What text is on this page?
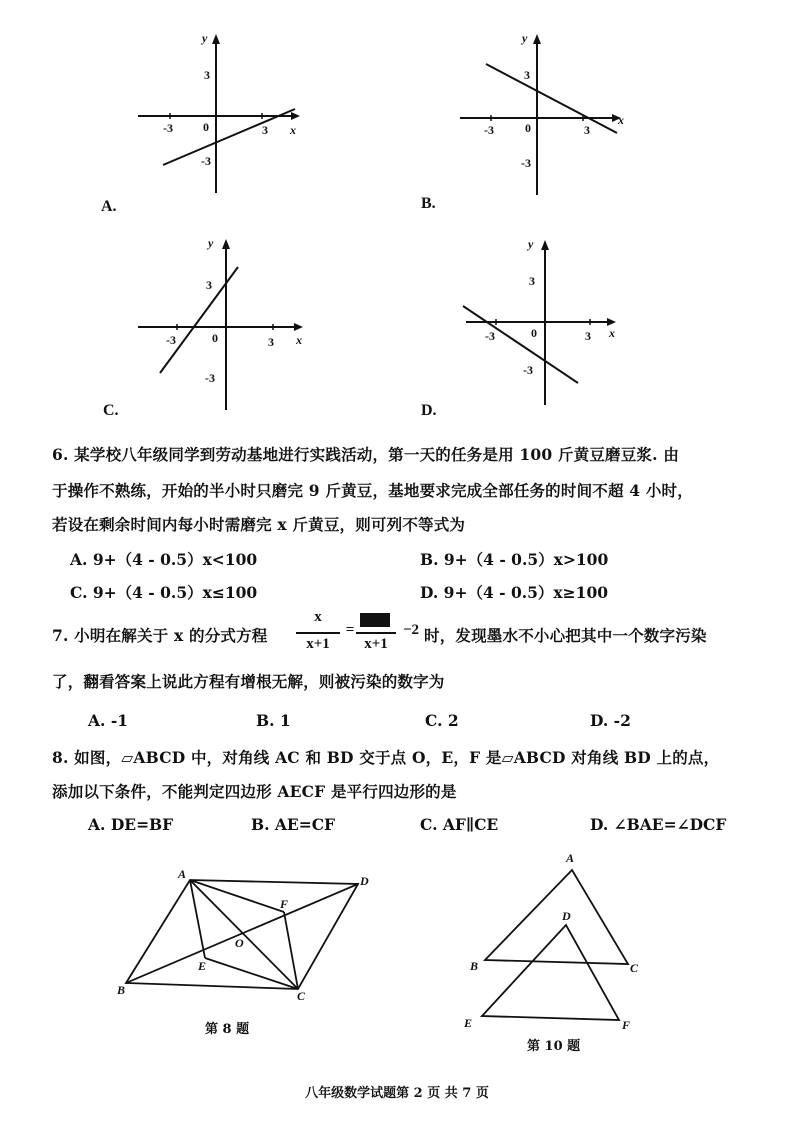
y
x
3
-3
-3	0	3
A.
y
x
3
-3
-3	0	3
B.
y
x
3
-3
-3	0	3
C.
y
x
3
-3
-3	0	3
D.
6. 某学校八年级同学到劳动基地进行实践活动，第一天的任务是用 100 斤黄豆磨豆浆. 由
于操作不熟练，开始的半小时只磨完 9 斤黄豆，基地要求完成全部任务的时间不超 4 小时，
若设在剩余时间内每小时需磨完 x 斤黄豆，则可列不等式为
A. 9+（4 - 0.5）x<100	B. 9+（4 - 0.5）x>100
C. 9+（4 - 0.5）x≤100	D. 9+（4 - 0.5）x≥100
7. 小明在解关于 x 的分式方程
x
x+1
=
x+1
−2 时，发现墨水不小心把其中一个数字污染
了，翻看答案上说此方程有增根无解，则被污染的数字为
A. -1	B. 1	C. 2	D. -2
8. 如图，▱ABCD 中，对角线 AC 和 BD 交于点 O，E，F 是▱ABCD 对角线 BD 上的点，
添加以下条件，不能判定四边形 AECF 是平行四边形的是
A. DE=BF	B. AE=CF	C. AF∥CE	D. ∠BAE=∠DCF
A	D
B	C
E
F
O
第 8 题
A
B	C
D
E	F
第 10 题
八年级数学试题第 2 页 共 7 页
